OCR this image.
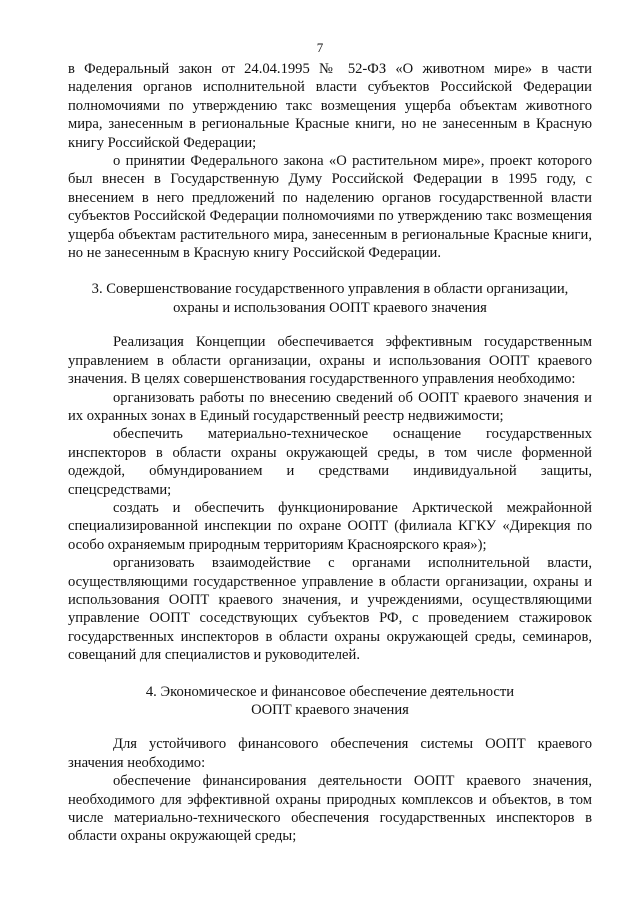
7

в Федеральный закон от 24.04.1995 № 52-ФЗ «О животном мире» в части наделения органов исполнительной власти субъектов Российской Федерации полномочиями по утверждению такс возмещения ущерба объектам животного мира, занесенным в региональные Красные книги, но не занесенным в Красную книгу Российской Федерации;

о принятии Федерального закона «О растительном мире», проект которого был внесен в Государственную Думу Российской Федерации в 1995 году, с внесением в него предложений по наделению органов государственной власти субъектов Российской Федерации полномочиями по утверждению такс возмещения ущерба объектам растительного мира, занесенным в региональные Красные книги, но не занесенным в Красную книгу Российской Федерации.

3. Совершенствование государственного управления в области организации,
охраны и использования ООПТ краевого значения

Реализация Концепции обеспечивается эффективным государственным управлением в области организации, охраны и использования ООПТ краевого значения. В целях совершенствования государственного управления необходимо:

организовать работы по внесению сведений об ООПТ краевого значения и их охранных зонах в Единый государственный реестр недвижимости;

обеспечить материально-техническое оснащение государственных инспекторов в области охраны окружающей среды, в том числе форменной одеждой, обмундированием и средствами индивидуальной защиты, спецсредствами;

создать и обеспечить функционирование Арктической межрайонной специализированной инспекции по охране ООПТ (филиала КГКУ «Дирекция по особо охраняемым природным территориям Красноярского края»);

организовать взаимодействие с органами исполнительной власти, осуществляющими государственное управление в области организации, охраны и использования ООПТ краевого значения, и учреждениями, осуществляющими управление ООПТ соседствующих субъектов РФ, с проведением стажировок государственных инспекторов в области охраны окружающей среды, семинаров, совещаний для специалистов и руководителей.

4. Экономическое и финансовое обеспечение деятельности
ООПТ краевого значения

Для устойчивого финансового обеспечения системы ООПТ краевого значения необходимо:

обеспечение финансирования деятельности ООПТ краевого значения, необходимого для эффективной охраны природных комплексов и объектов, в том числе материально-технического обеспечения государственных инспекторов в области охраны окружающей среды;
